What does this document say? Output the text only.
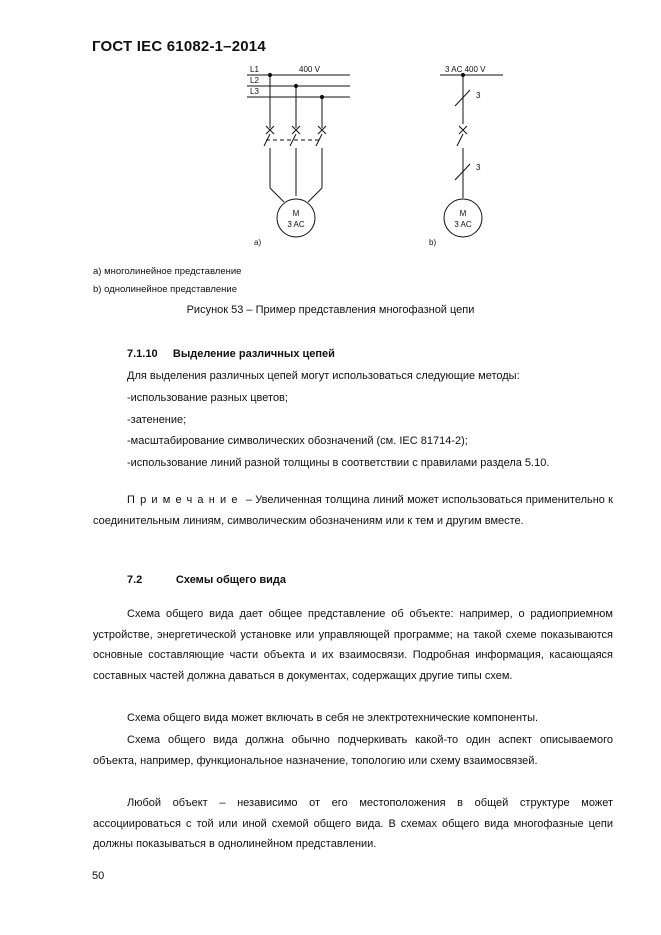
ГОСТ IEC 61082-1–2014
L1
L2
L3
400 V
M
3 AC
a)
3 AC 400 V
3
3
M
3 AC
b)
а) многолинейное представление
b) однолинейное представление
Рисунок 53 – Пример представления многофазной цепи
7.1.10 Выделение различных цепей
Для выделения различных цепей могут использоваться следующие методы:
-использование разных цветов;
-затенение;
-масштабирование символических обозначений (см. IEC 81714-2);
-использование линий разной толщины в соответствии с правилами раздела 5.10.
Примечание – Увеличенная толщина линий может использоваться применительно к соединительным линиям, символическим обозначениям или к тем и другим вместе.
7.2	Схемы общего вида
Схема общего вида дает общее представление об объекте: например, о радиоприемном устройстве, энергетической установке или управляющей программе; на такой схеме показываются основные составляющие части объекта и их взаимосвязи. Подробная информация, касающаяся составных частей должна даваться в документах, содержащих другие типы схем.
Схема общего вида может включать в себя не электротехнические компоненты.
Схема общего вида должна обычно подчеркивать какой-то один аспект описываемого объекта, например, функциональное назначение, топологию или схему взаимосвязей.
Любой объект – независимо от его местоположения в общей структуре может ассоциироваться с той или иной схемой общего вида. В схемах общего вида многофазные цепи должны показываться в однолинейном представлении.
50
